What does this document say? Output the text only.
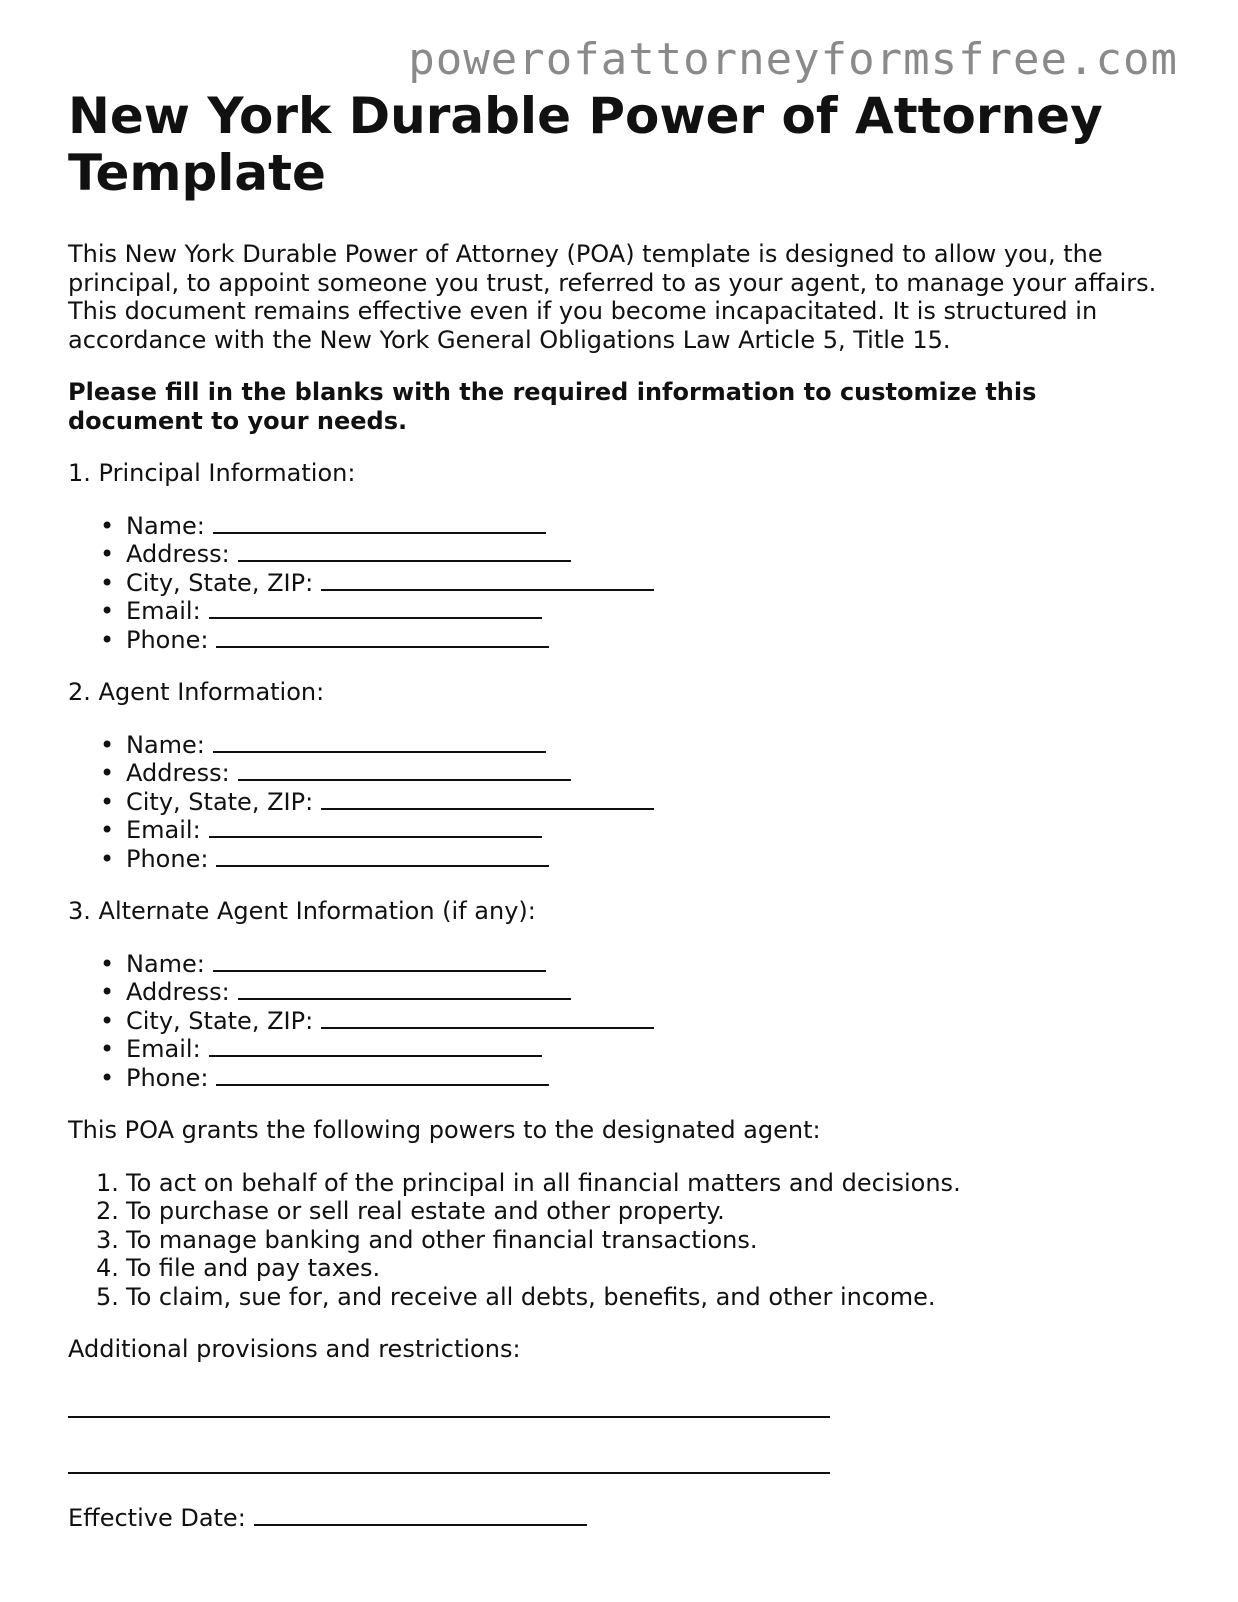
powerofattorneyformsfree.com
New York Durable Power of Attorney Template

This New York Durable Power of Attorney (POA) template is designed to allow you, the principal, to appoint someone you trust, referred to as your agent, to manage your affairs. This document remains effective even if you become incapacitated. It is structured in accordance with the New York General Obligations Law Article 5, Title 15.

Please fill in the blanks with the required information to customize this document to your needs.

1. Principal Information:

• Name:
• Address:
• City, State, ZIP:
• Email:
• Phone:

2. Agent Information:

• Name:
• Address:
• City, State, ZIP:
• Email:
• Phone:

3. Alternate Agent Information (if any):

• Name:
• Address:
• City, State, ZIP:
• Email:
• Phone:

This POA grants the following powers to the designated agent:

1. To act on behalf of the principal in all financial matters and decisions.
2. To purchase or sell real estate and other property.
3. To manage banking and other financial transactions.
4. To file and pay taxes.
5. To claim, sue for, and receive all debts, benefits, and other income.

Additional provisions and restrictions:

Effective Date:
